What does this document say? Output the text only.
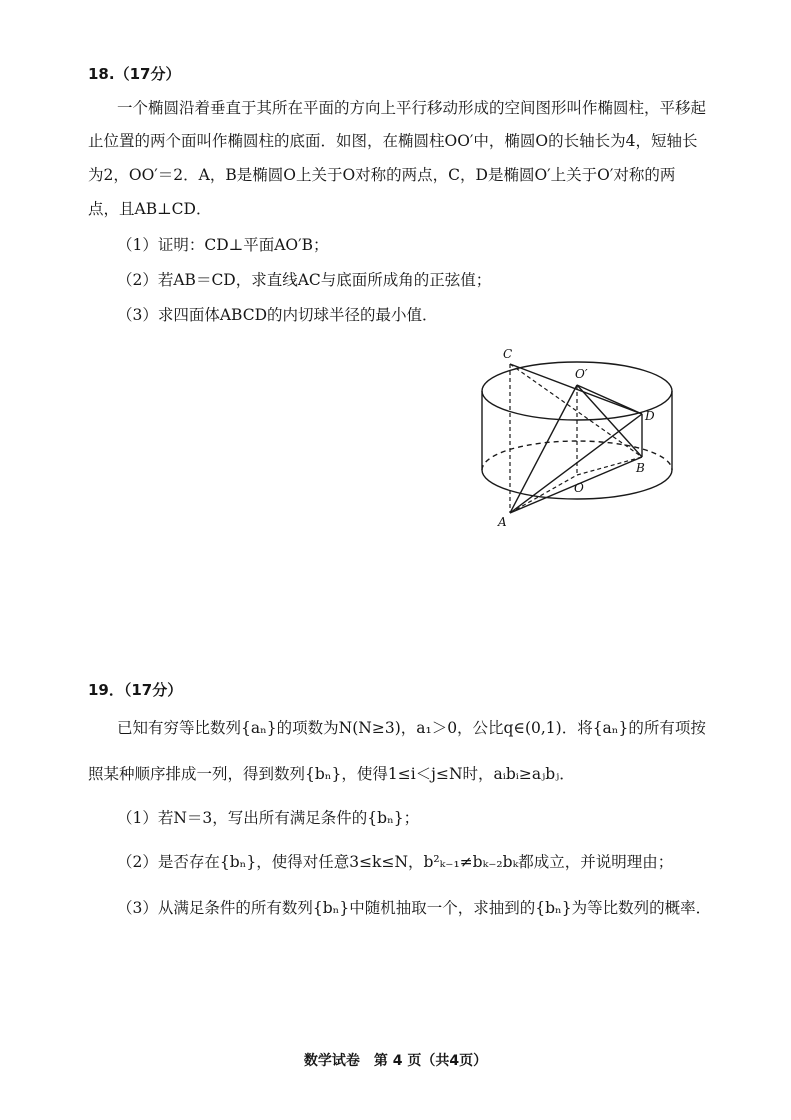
18.（17分）
一个椭圆沿着垂直于其所在平面的方向上平行移动形成的空间图形叫作椭圆柱，平移起
止位置的两个面叫作椭圆柱的底面．如图，在椭圆柱OO′中，椭圆O的长轴长为4，短轴长
为2，OO′＝2．A，B是椭圆O上关于O对称的两点，C，D是椭圆O′上关于O′对称的两
点，且AB⊥CD．
（1）证明：CD⊥平面AO′B；
（2）若AB＝CD，求直线AC与底面所成角的正弦值；
（3）求四面体ABCD的内切球半径的最小值．
C
O′
D
B
O
A
19．（17分）
已知有穷等比数列{aₙ}的项数为N(N≥3)，a₁＞0，公比q∈(0,1)．将{aₙ}的所有项按
照某种顺序排成一列，得到数列{bₙ}，使得1≤i＜j≤N时，aᵢbᵢ≥aⱼbⱼ．
（1）若N＝3，写出所有满足条件的{bₙ}；
（2）是否存在{bₙ}，使得对任意3≤k≤N，b²ₖ₋₁≠bₖ₋₂bₖ都成立，并说明理由；
（3）从满足条件的所有数列{bₙ}中随机抽取一个，求抽到的{bₙ}为等比数列的概率．
数学试卷　第 4 页（共4页）
